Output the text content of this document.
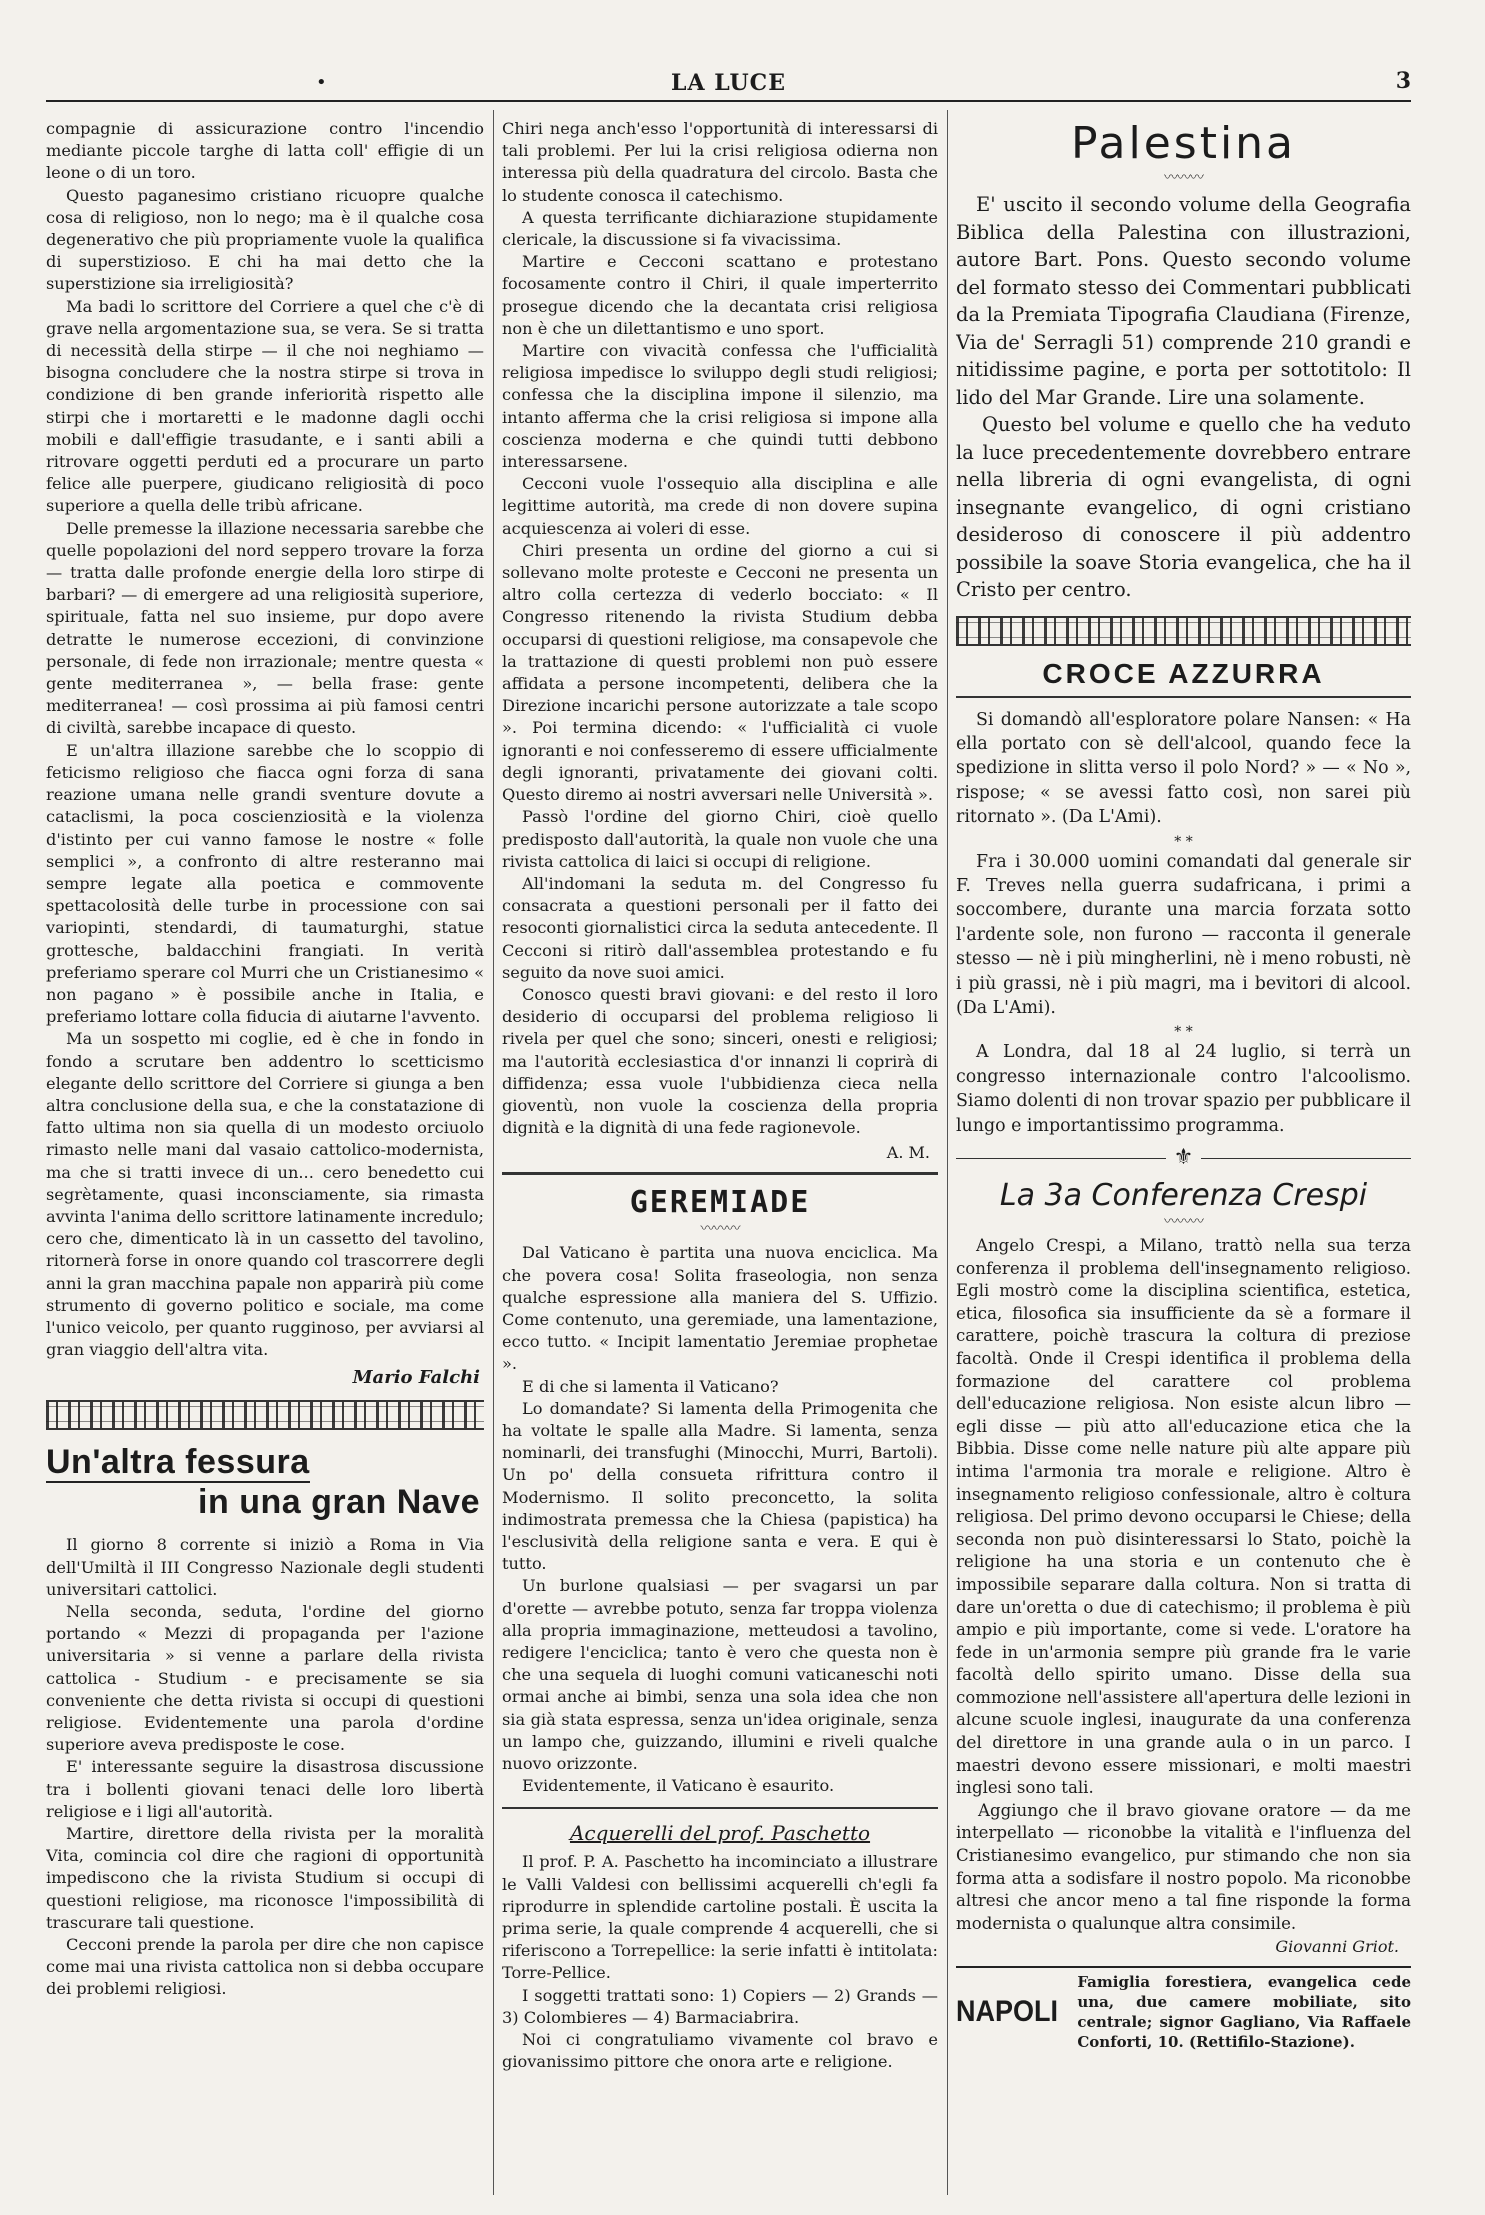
•	LA LUCE	3

compagnie di assicurazione contro l'incendio mediante piccole targhe di latta coll' effigie di un leone o di un toro.

Questo paganesimo cristiano ricuopre qualche cosa di religioso, non lo nego; ma è il qualche cosa degenerativo che più propriamente vuole la qualifica di superstizioso. E chi ha mai detto che la superstizione sia irreligiosità?

Ma badi lo scrittore del Corriere a quel che c'è di grave nella argomentazione sua, se vera. Se si tratta di necessità della stirpe — il che noi neghiamo — bisogna concludere che la nostra stirpe si trova in condizione di ben grande inferiorità rispetto alle stirpi che i mortaretti e le madonne dagli occhi mobili e dall'effigie trasudante, e i santi abili a ritrovare oggetti perduti ed a procurare un parto felice alle puerpere, giudicano religiosità di poco superiore a quella delle tribù africane.

Delle premesse la illazione necessaria sarebbe che quelle popolazioni del nord seppero trovare la forza — tratta dalle profonde energie della loro stirpe di barbari? — di emergere ad una religiosità superiore, spirituale, fatta nel suo insieme, pur dopo avere detratte le numerose eccezioni, di convinzione personale, di fede non irrazionale; mentre questa « gente mediterranea », — bella frase: gente mediterranea! — così prossima ai più famosi centri di civiltà, sarebbe incapace di questo.

E un'altra illazione sarebbe che lo scoppio di feticismo religioso che fiacca ogni forza di sana reazione umana nelle grandi sventure dovute a cataclismi, la poca coscienziosità e la violenza d'istinto per cui vanno famose le nostre « folle semplici », a confronto di altre resteranno mai sempre legate alla poetica e commovente spettacolosità delle turbe in processione con sai variopinti, stendardi, di taumaturghi, statue grottesche, baldacchini frangiati. In verità preferiamo sperare col Murri che un Cristianesimo « non pagano » è possibile anche in Italia, e preferiamo lottare colla fiducia di aiutarne l'avvento.

Ma un sospetto mi coglie, ed è che in fondo in fondo a scrutare ben addentro lo scetticismo elegante dello scrittore del Corriere si giunga a ben altra conclusione della sua, e che la constatazione di fatto ultima non sia quella di un modesto orciuolo rimasto nelle mani dal vasaio cattolico-modernista, ma che si tratti invece di un... cero benedetto cui segrètamente, quasi inconsciamente, sia rimasta avvinta l'anima dello scrittore latinamente incredulo; cero che, dimenticato là in un cassetto del tavolino, ritornerà forse in onore quando col trascorrere degli anni la gran macchina papale non apparirà più come strumento di governo politico e sociale, ma come l'unico veicolo, per quanto rugginoso, per avviarsi al gran viaggio dell'altra vita.

Mario Falchi
Un'altra fessura
in una gran Nave

Il giorno 8 corrente si iniziò a Roma in Via dell'Umiltà il III Congresso Nazionale degli studenti universitari cattolici.

Nella seconda, seduta, l'ordine del giorno portando « Mezzi di propaganda per l'azione universitaria » si venne a parlare della rivista cattolica - Studium - e precisamente se sia conveniente che detta rivista si occupi di questioni religiose. Evidentemente una parola d'ordine superiore aveva predisposte le cose.

E' interessante seguire la disastrosa discussione tra i bollenti giovani tenaci delle loro libertà religiose e i ligi all'autorità.

Martire, direttore della rivista per la moralità Vita, comincia col dire che ragioni di opportunità impediscono che la rivista Studium si occupi di questioni religiose, ma riconosce l'impossibilità di trascurare tali questione.

Cecconi prende la parola per dire che non capisce come mai una rivista cattolica non si debba occupare dei problemi religiosi.

Chiri nega anch'esso l'opportunità di interessarsi di tali problemi. Per lui la crisi religiosa odierna non interessa più della quadratura del circolo. Basta che lo studente conosca il catechismo.

A questa terrificante dichiarazione stupidamente clericale, la discussione si fa vivacissima.

Martire e Cecconi scattano e protestano focosamente contro il Chiri, il quale imperterrito prosegue dicendo che la decantata crisi religiosa non è che un dilettantismo e uno sport.

Martire con vivacità confessa che l'ufficialità religiosa impedisce lo sviluppo degli studi religiosi; confessa che la disciplina impone il silenzio, ma intanto afferma che la crisi religiosa si impone alla coscienza moderna e che quindi tutti debbono interessarsene.

Cecconi vuole l'ossequio alla disciplina e alle legittime autorità, ma crede di non dovere supina acquiescenza ai voleri di esse.

Chiri presenta un ordine del giorno a cui si sollevano molte proteste e Cecconi ne presenta un altro colla certezza di vederlo bocciato: « Il Congresso ritenendo la rivista Studium debba occuparsi di questioni religiose, ma consapevole che la trattazione di questi problemi non può essere affidata a persone incompetenti, delibera che la Direzione incarichi persone autorizzate a tale scopo ». Poi termina dicendo: « l'ufficialità ci vuole ignoranti e noi confesseremo di essere ufficialmente degli ignoranti, privatamente dei giovani colti. Questo diremo ai nostri avversari nelle Università ».

Passò l'ordine del giorno Chiri, cioè quello predisposto dall'autorità, la quale non vuole che una rivista cattolica di laici si occupi di religione.

All'indomani la seduta m. del Congresso fu consacrata a questioni personali per il fatto dei resoconti giornalistici circa la seduta antecedente. Il Cecconi si ritirò dall'assemblea protestando e fu seguito da nove suoi amici.

Conosco questi bravi giovani: e del resto il loro desiderio di occuparsi del problema religioso li rivela per quel che sono; sinceri, onesti e religiosi; ma l'autorità ecclesiastica d'or innanzi li coprirà di diffidenza; essa vuole l'ubbidienza cieca nella gioventù, non vuole la coscienza della propria dignità e la dignità di una fede ragionevole.

A. M.
GEREMIADE
〰〰〰

Dal Vaticano è partita una nuova enciclica. Ma che povera cosa! Solita fraseologia, non senza qualche espressione alla maniera del S. Uffizio. Come contenuto, una geremiade, una lamentazione, ecco tutto. « Incipit lamentatio Jeremiae prophetae ».

E di che si lamenta il Vaticano?

Lo domandate? Si lamenta della Primogenita che ha voltate le spalle alla Madre. Si lamenta, senza nominarli, dei transfughi (Minocchi, Murri, Bartoli). Un po' della consueta rifrittura contro il Modernismo. Il solito preconcetto, la solita indimostrata premessa che la Chiesa (papistica) ha l'esclusività della religione santa e vera. E qui è tutto.

Un burlone qualsiasi — per svagarsi un par d'orette — avrebbe potuto, senza far troppa violenza alla propria immaginazione, metteudosi a tavolino, redigere l'enciclica; tanto è vero che questa non è che una sequela di luoghi comuni vaticaneschi noti ormai anche ai bimbi, senza una sola idea che non sia già stata espressa, senza un'idea originale, senza un lampo che, guizzando, illumini e riveli qualche nuovo orizzonte.

Evidentemente, il Vaticano è esaurito.

Acquerelli del prof. Paschetto

Il prof. P. A. Paschetto ha incominciato a illustrare le Valli Valdesi con bellissimi acquerelli ch'egli fa riprodurre in splendide cartoline postali. È uscita la prima serie, la quale comprende 4 acquerelli, che si riferiscono a Torrepellice: la serie infatti è intitolata: Torre-Pellice.

I soggetti trattati sono: 1) Copiers — 2) Grands — 3) Colombieres — 4) Barmaciabrira.

Noi ci congratuliamo vivamente col bravo e giovanissimo pittore che onora arte e religione.

Palestina
〰〰〰

E' uscito il secondo volume della Geografia Biblica della Palestina con illustrazioni, autore Bart. Pons. Questo secondo volume del formato stesso dei Commentari pubblicati da la Premiata Tipografia Claudiana (Firenze, Via de' Serragli 51) comprende 210 grandi e nitidissime pagine, e porta per sottotitolo: Il lido del Mar Grande. Lire una solamente.

Questo bel volume e quello che ha veduto la luce precedentemente dovrebbero entrare nella libreria di ogni evangelista, di ogni insegnante evangelico, di ogni cristiano desideroso di conoscere il più addentro possibile la soave Storia evangelica, che ha il Cristo per centro.

CROCE AZZURRA

Si domandò all'esploratore polare Nansen: « Ha ella portato con sè dell'alcool, quando fece la spedizione in slitta verso il polo Nord? » — « No », rispose; « se avessi fatto così, non sarei più ritornato ». (Da L'Ami).

* *

Fra i 30.000 uomini comandati dal generale sir F. Treves nella guerra sudafricana, i primi a soccombere, durante una marcia forzata sotto l'ardente sole, non furono — racconta il generale stesso — nè i più mingherlini, nè i meno robusti, nè i più grassi, nè i più magri, ma i bevitori di alcool. (Da L'Ami).

* *

A Londra, dal 18 al 24 luglio, si terrà un congresso internazionale contro l'alcoolismo. Siamo dolenti di non trovar spazio per pubblicare il lungo e importantissimo programma.

⚜
La 3a Conferenza Crespi
〰〰〰

Angelo Crespi, a Milano, trattò nella sua terza conferenza il problema dell'insegnamento religioso. Egli mostrò come la disciplina scientifica, estetica, etica, filosofica sia insufficiente da sè a formare il carattere, poichè trascura la coltura di preziose facoltà. Onde il Crespi identifica il problema della formazione del carattere col problema dell'educazione religiosa. Non esiste alcun libro — egli disse — più atto all'educazione etica che la Bibbia. Disse come nelle nature più alte appare più intima l'armonia tra morale e religione. Altro è insegnamento religioso confessionale, altro è coltura religiosa. Del primo devono occuparsi le Chiese; della seconda non può disinteressarsi lo Stato, poichè la religione ha una storia e un contenuto che è impossibile separare dalla coltura. Non si tratta di dare un'oretta o due di catechismo; il problema è più ampio e più importante, come si vede. L'oratore ha fede in un'armonia sempre più grande fra le varie facoltà dello spirito umano. Disse della sua commozione nell'assistere all'apertura delle lezioni in alcune scuole inglesi, inaugurate da una conferenza del direttore in una grande aula o in un parco. I maestri devono essere missionari, e molti maestri inglesi sono tali.

Aggiungo che il bravo giovane oratore — da me interpellato — riconobbe la vitalità e l'influenza del Cristianesimo evangelico, pur stimando che non sia forma atta a sodisfare il nostro popolo. Ma riconobbe altresi che ancor meno a tal fine risponde la forma modernista o qualunque altra consimile.

Giovanni Griot.
NAPOLI
Famiglia forestiera, evangelica cede una, due camere mobiliate, sito centrale; signor Gagliano, Via Raffaele Conforti, 10. (Rettifilo-Stazione).
